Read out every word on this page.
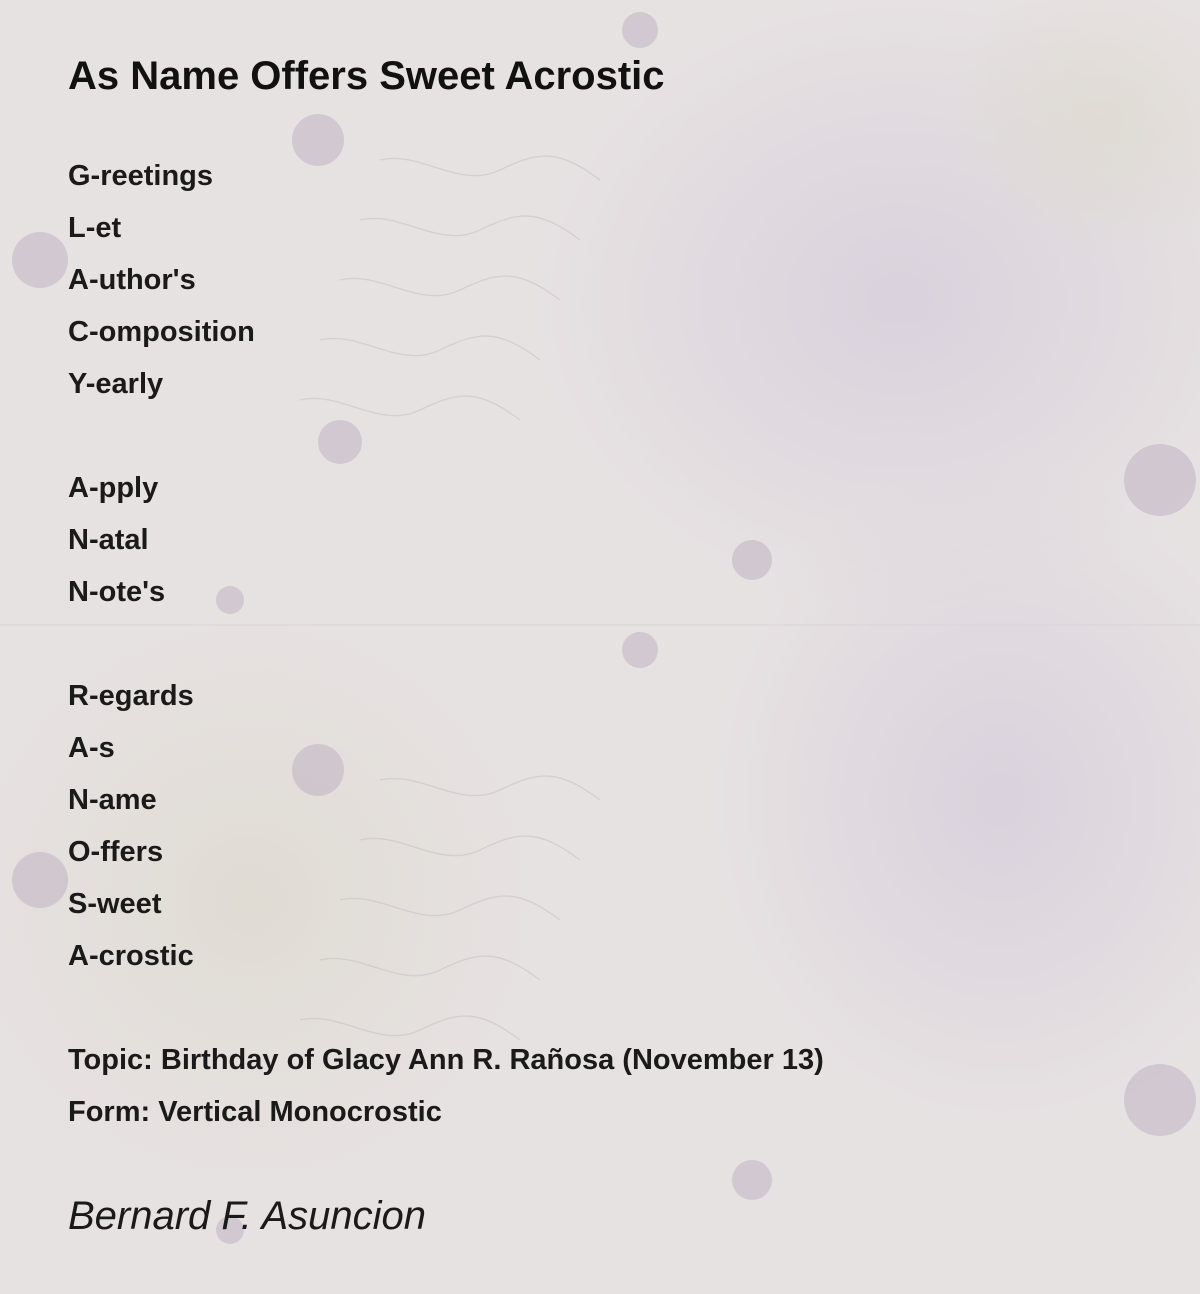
As Name Offers Sweet Acrostic
G-reetings
L-et
A-uthor's
C-omposition
Y-early
A-pply
N-atal
N-ote's
R-egards
A-s
N-ame
O-ffers
S-weet
A-crostic
Topic: Birthday of Glacy Ann R. Rañosa (November 13)
Form: Vertical Monocrostic
Bernard F. Asuncion
